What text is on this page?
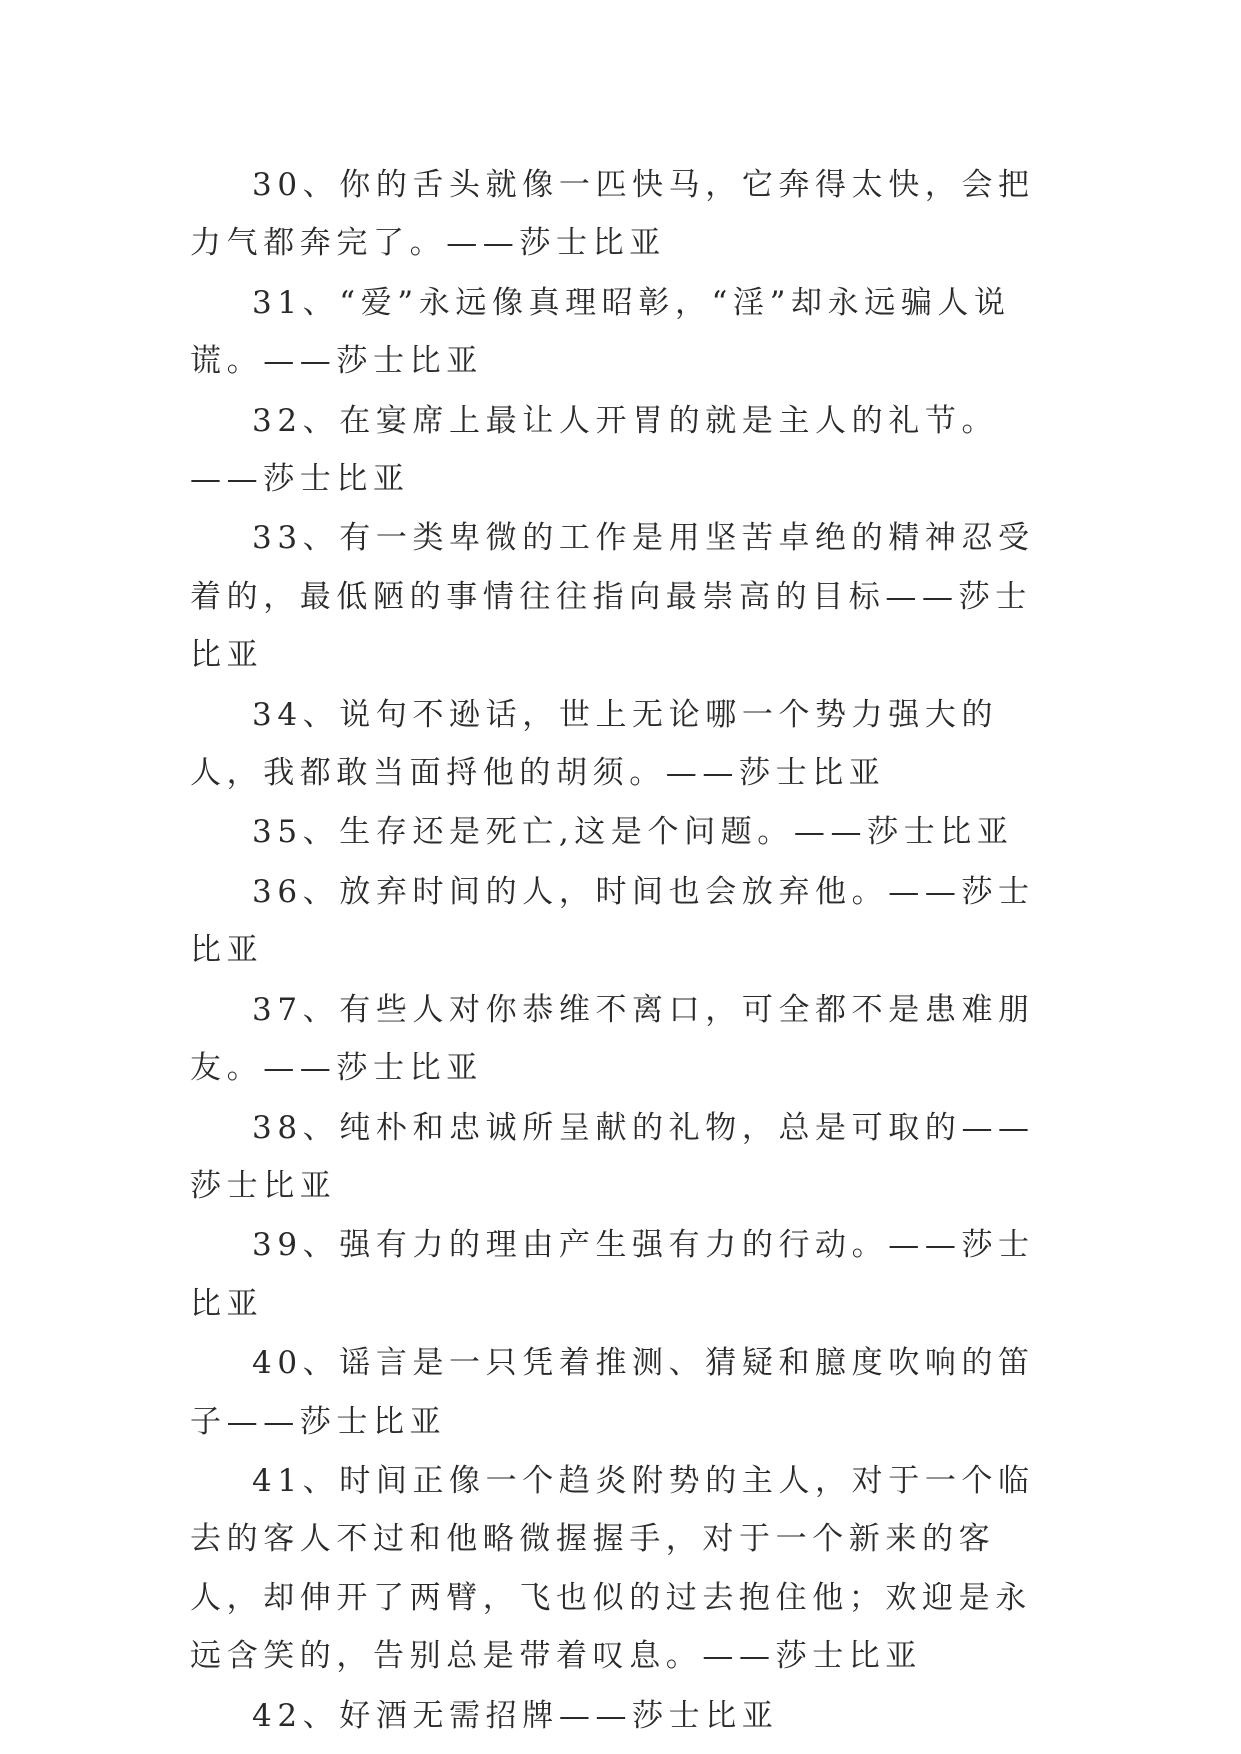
30、你的舌头就像一匹快马，它奔得太快，会把力气都奔完了。——莎士比亚

31、“爱”永远像真理昭彰，“淫”却永远骗人说谎。——莎士比亚

32、在宴席上最让人开胃的就是主人的礼节。——莎士比亚

33、有一类卑微的工作是用坚苦卓绝的精神忍受着的，最低陋的事情往往指向最崇高的目标——莎士比亚

34、说句不逊话，世上无论哪一个势力强大的人，我都敢当面捋他的胡须。——莎士比亚

35、生存还是死亡,这是个问题。——莎士比亚

36、放弃时间的人，时间也会放弃他。——莎士比亚

37、有些人对你恭维不离口，可全都不是患难朋友。——莎士比亚

38、纯朴和忠诚所呈献的礼物，总是可取的——莎士比亚

39、强有力的理由产生强有力的行动。——莎士比亚

40、谣言是一只凭着推测、猜疑和臆度吹响的笛子——莎士比亚

41、时间正像一个趋炎附势的主人，对于一个临去的客人不过和他略微握握手，对于一个新来的客人，却伸开了两臂，飞也似的过去抱住他；欢迎是永远含笑的，告别总是带着叹息。——莎士比亚

42、好酒无需招牌——莎士比亚
